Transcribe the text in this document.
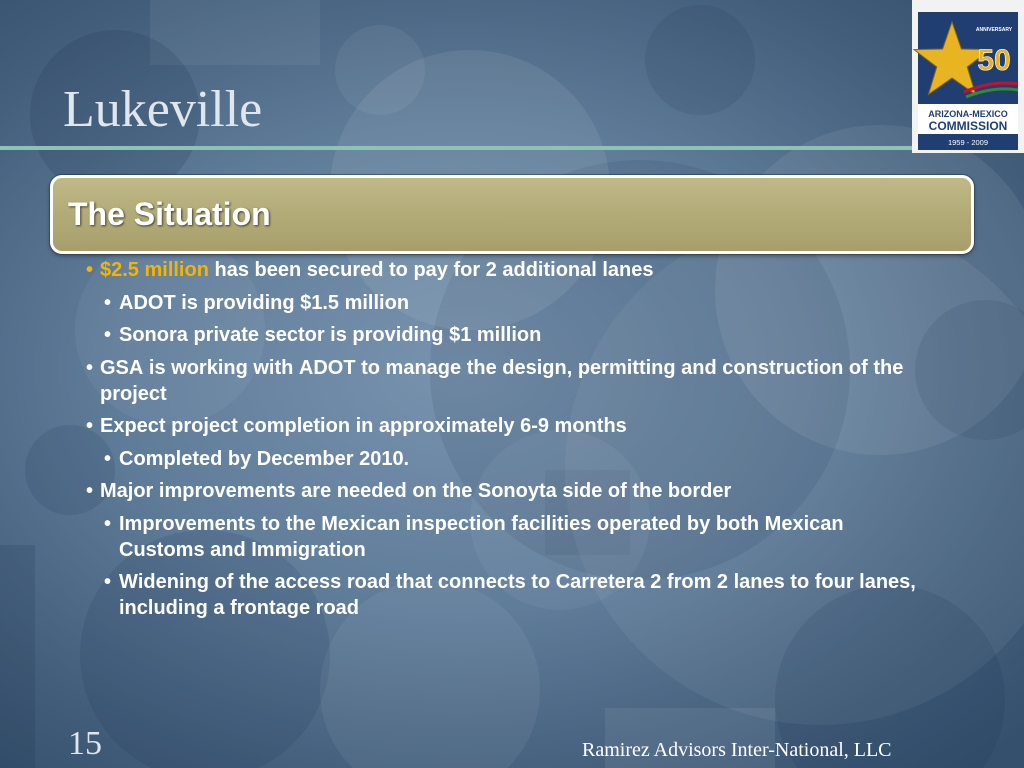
Lukeville
ANNIVERSARY
50
ARIZONA-MEXICO
COMMISSION
1959 - 2009
The Situation
• $2.5 million has been secured to pay for 2 additional lanes
• ADOT is providing $1.5 million
• Sonora private sector is providing $1 million
• GSA is working with ADOT to manage the design, permitting and construction of the project
• Expect project completion in approximately 6-9 months
• Completed by December 2010.
• Major improvements are needed on the Sonoyta side of the border
• Improvements to the Mexican inspection facilities operated by both Mexican Customs and Immigration
• Widening of the access road that connects to Carretera 2 from 2 lanes to four lanes, including a frontage road
15	Ramirez Advisors Inter-National, LLC
